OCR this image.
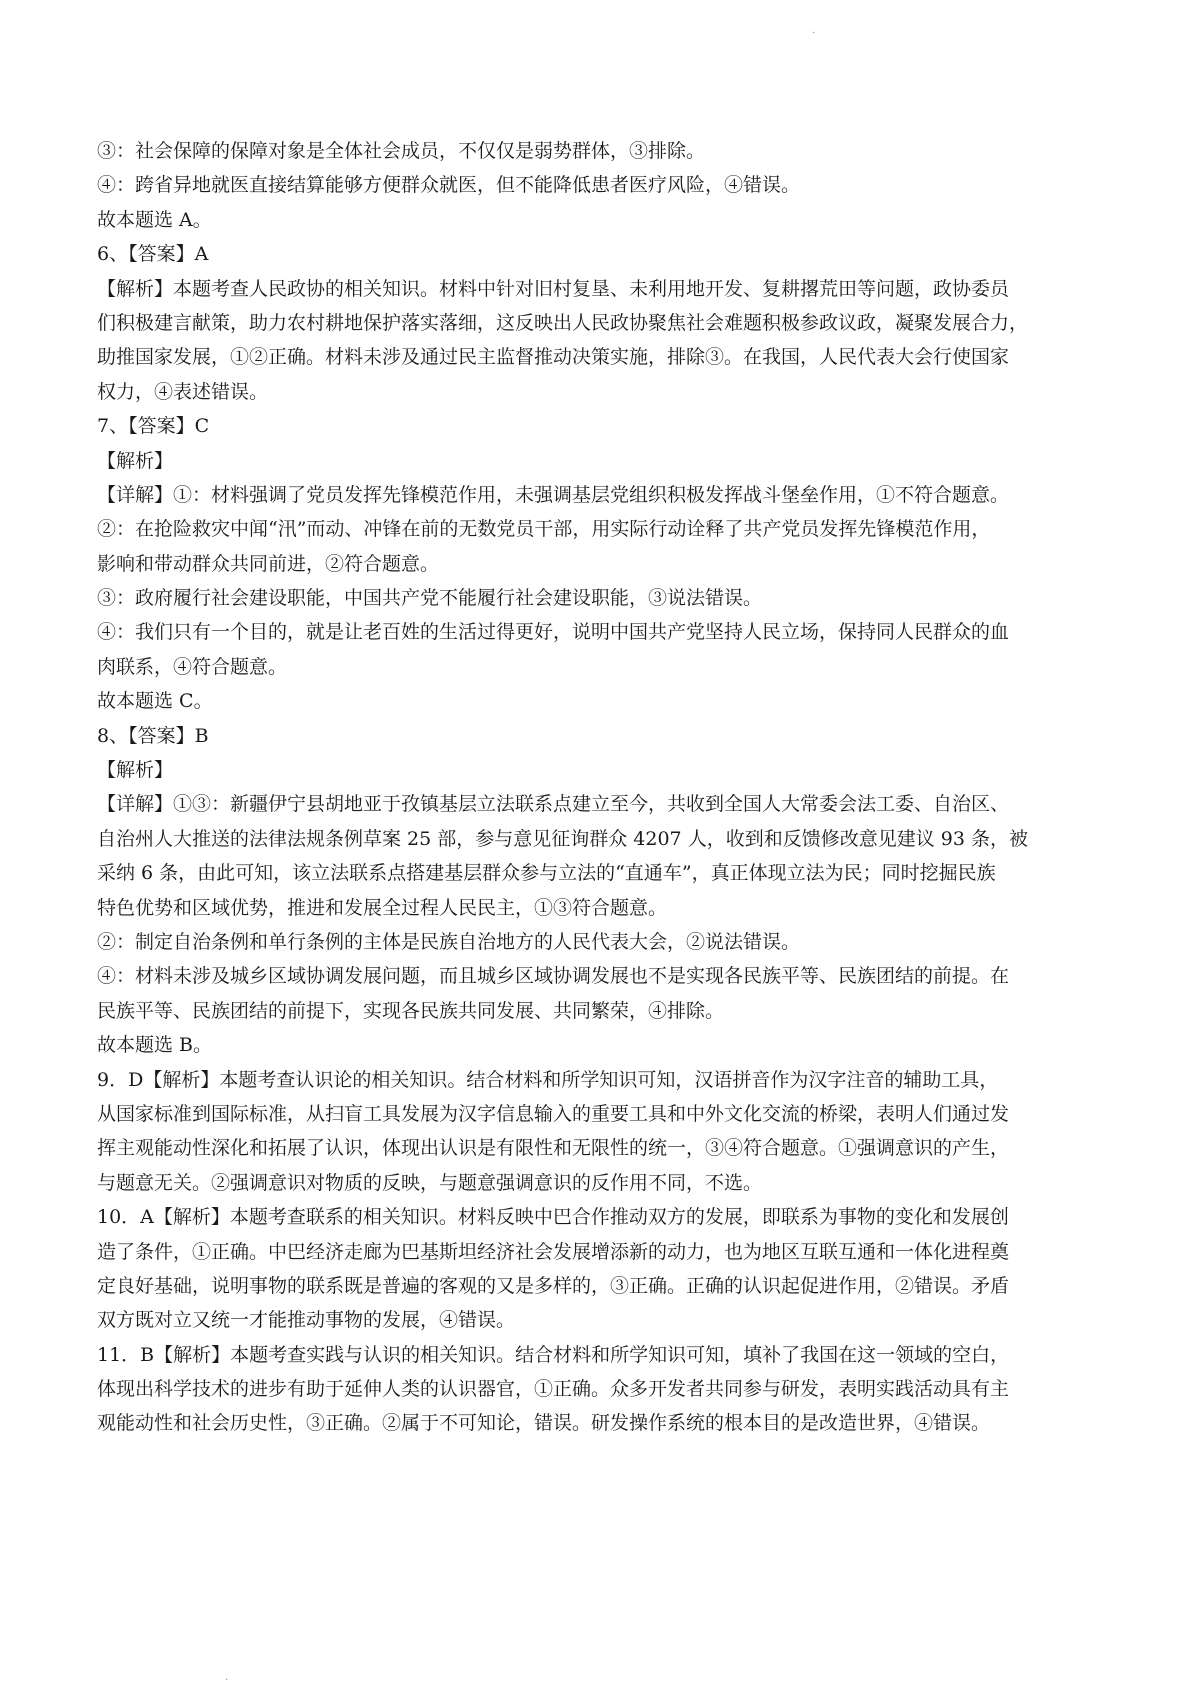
·
③：社会保障的保障对象是全体社会成员，不仅仅是弱势群体，③排除。
④：跨省异地就医直接结算能够方便群众就医，但不能降低患者医疗风险，④错误。
故本题选 A。
6、【答案】A
【解析】本题考查人民政协的相关知识。材料中针对旧村复垦、未利用地开发、复耕撂荒田等问题，政协委员
们积极建言献策，助力农村耕地保护落实落细，这反映出人民政协聚焦社会难题积极参政议政，凝聚发展合力，
助推国家发展，①②正确。材料未涉及通过民主监督推动决策实施，排除③。在我国，人民代表大会行使国家
权力，④表述错误。
7、【答案】C
【解析】
【详解】①：材料强调了党员发挥先锋模范作用，未强调基层党组织积极发挥战斗堡垒作用，①不符合题意。
②：在抢险救灾中闻“汛”而动、冲锋在前的无数党员干部，用实际行动诠释了共产党员发挥先锋模范作用，
影响和带动群众共同前进，②符合题意。
③：政府履行社会建设职能，中国共产党不能履行社会建设职能，③说法错误。
④：我们只有一个目的，就是让老百姓的生活过得更好，说明中国共产党坚持人民立场，保持同人民群众的血
肉联系，④符合题意。
故本题选 C。
8、【答案】B
【解析】
【详解】①③：新疆伊宁县胡地亚于孜镇基层立法联系点建立至今，共收到全国人大常委会法工委、自治区、
自治州人大推送的法律法规条例草案 25 部，参与意见征询群众 4207 人，收到和反馈修改意见建议 93 条，被
采纳 6 条，由此可知，该立法联系点搭建基层群众参与立法的“直通车”，真正体现立法为民；同时挖掘民族
特色优势和区域优势，推进和发展全过程人民民主，①③符合题意。
②：制定自治条例和单行条例的主体是民族自治地方的人民代表大会，②说法错误。
④：材料未涉及城乡区域协调发展问题，而且城乡区域协调发展也不是实现各民族平等、民族团结的前提。在
民族平等、民族团结的前提下，实现各民族共同发展、共同繁荣，④排除。
故本题选 B。
9．D【解析】本题考查认识论的相关知识。结合材料和所学知识可知，汉语拼音作为汉字注音的辅助工具，
从国家标准到国际标准，从扫盲工具发展为汉字信息输入的重要工具和中外文化交流的桥梁，表明人们通过发
挥主观能动性深化和拓展了认识，体现出认识是有限性和无限性的统一，③④符合题意。①强调意识的产生，
与题意无关。②强调意识对物质的反映，与题意强调意识的反作用不同，不选。
10．A【解析】本题考查联系的相关知识。材料反映中巴合作推动双方的发展，即联系为事物的变化和发展创
造了条件，①正确。中巴经济走廊为巴基斯坦经济社会发展增添新的动力，也为地区互联互通和一体化进程奠
定良好基础，说明事物的联系既是普遍的客观的又是多样的，③正确。正确的认识起促进作用，②错误。矛盾
双方既对立又统一才能推动事物的发展，④错误。
11．B【解析】本题考查实践与认识的相关知识。结合材料和所学知识可知，填补了我国在这一领域的空白，
体现出科学技术的进步有助于延伸人类的认识器官，①正确。众多开发者共同参与研发，表明实践活动具有主
观能动性和社会历史性，③正确。②属于不可知论，错误。研发操作系统的根本目的是改造世界，④错误。
.
